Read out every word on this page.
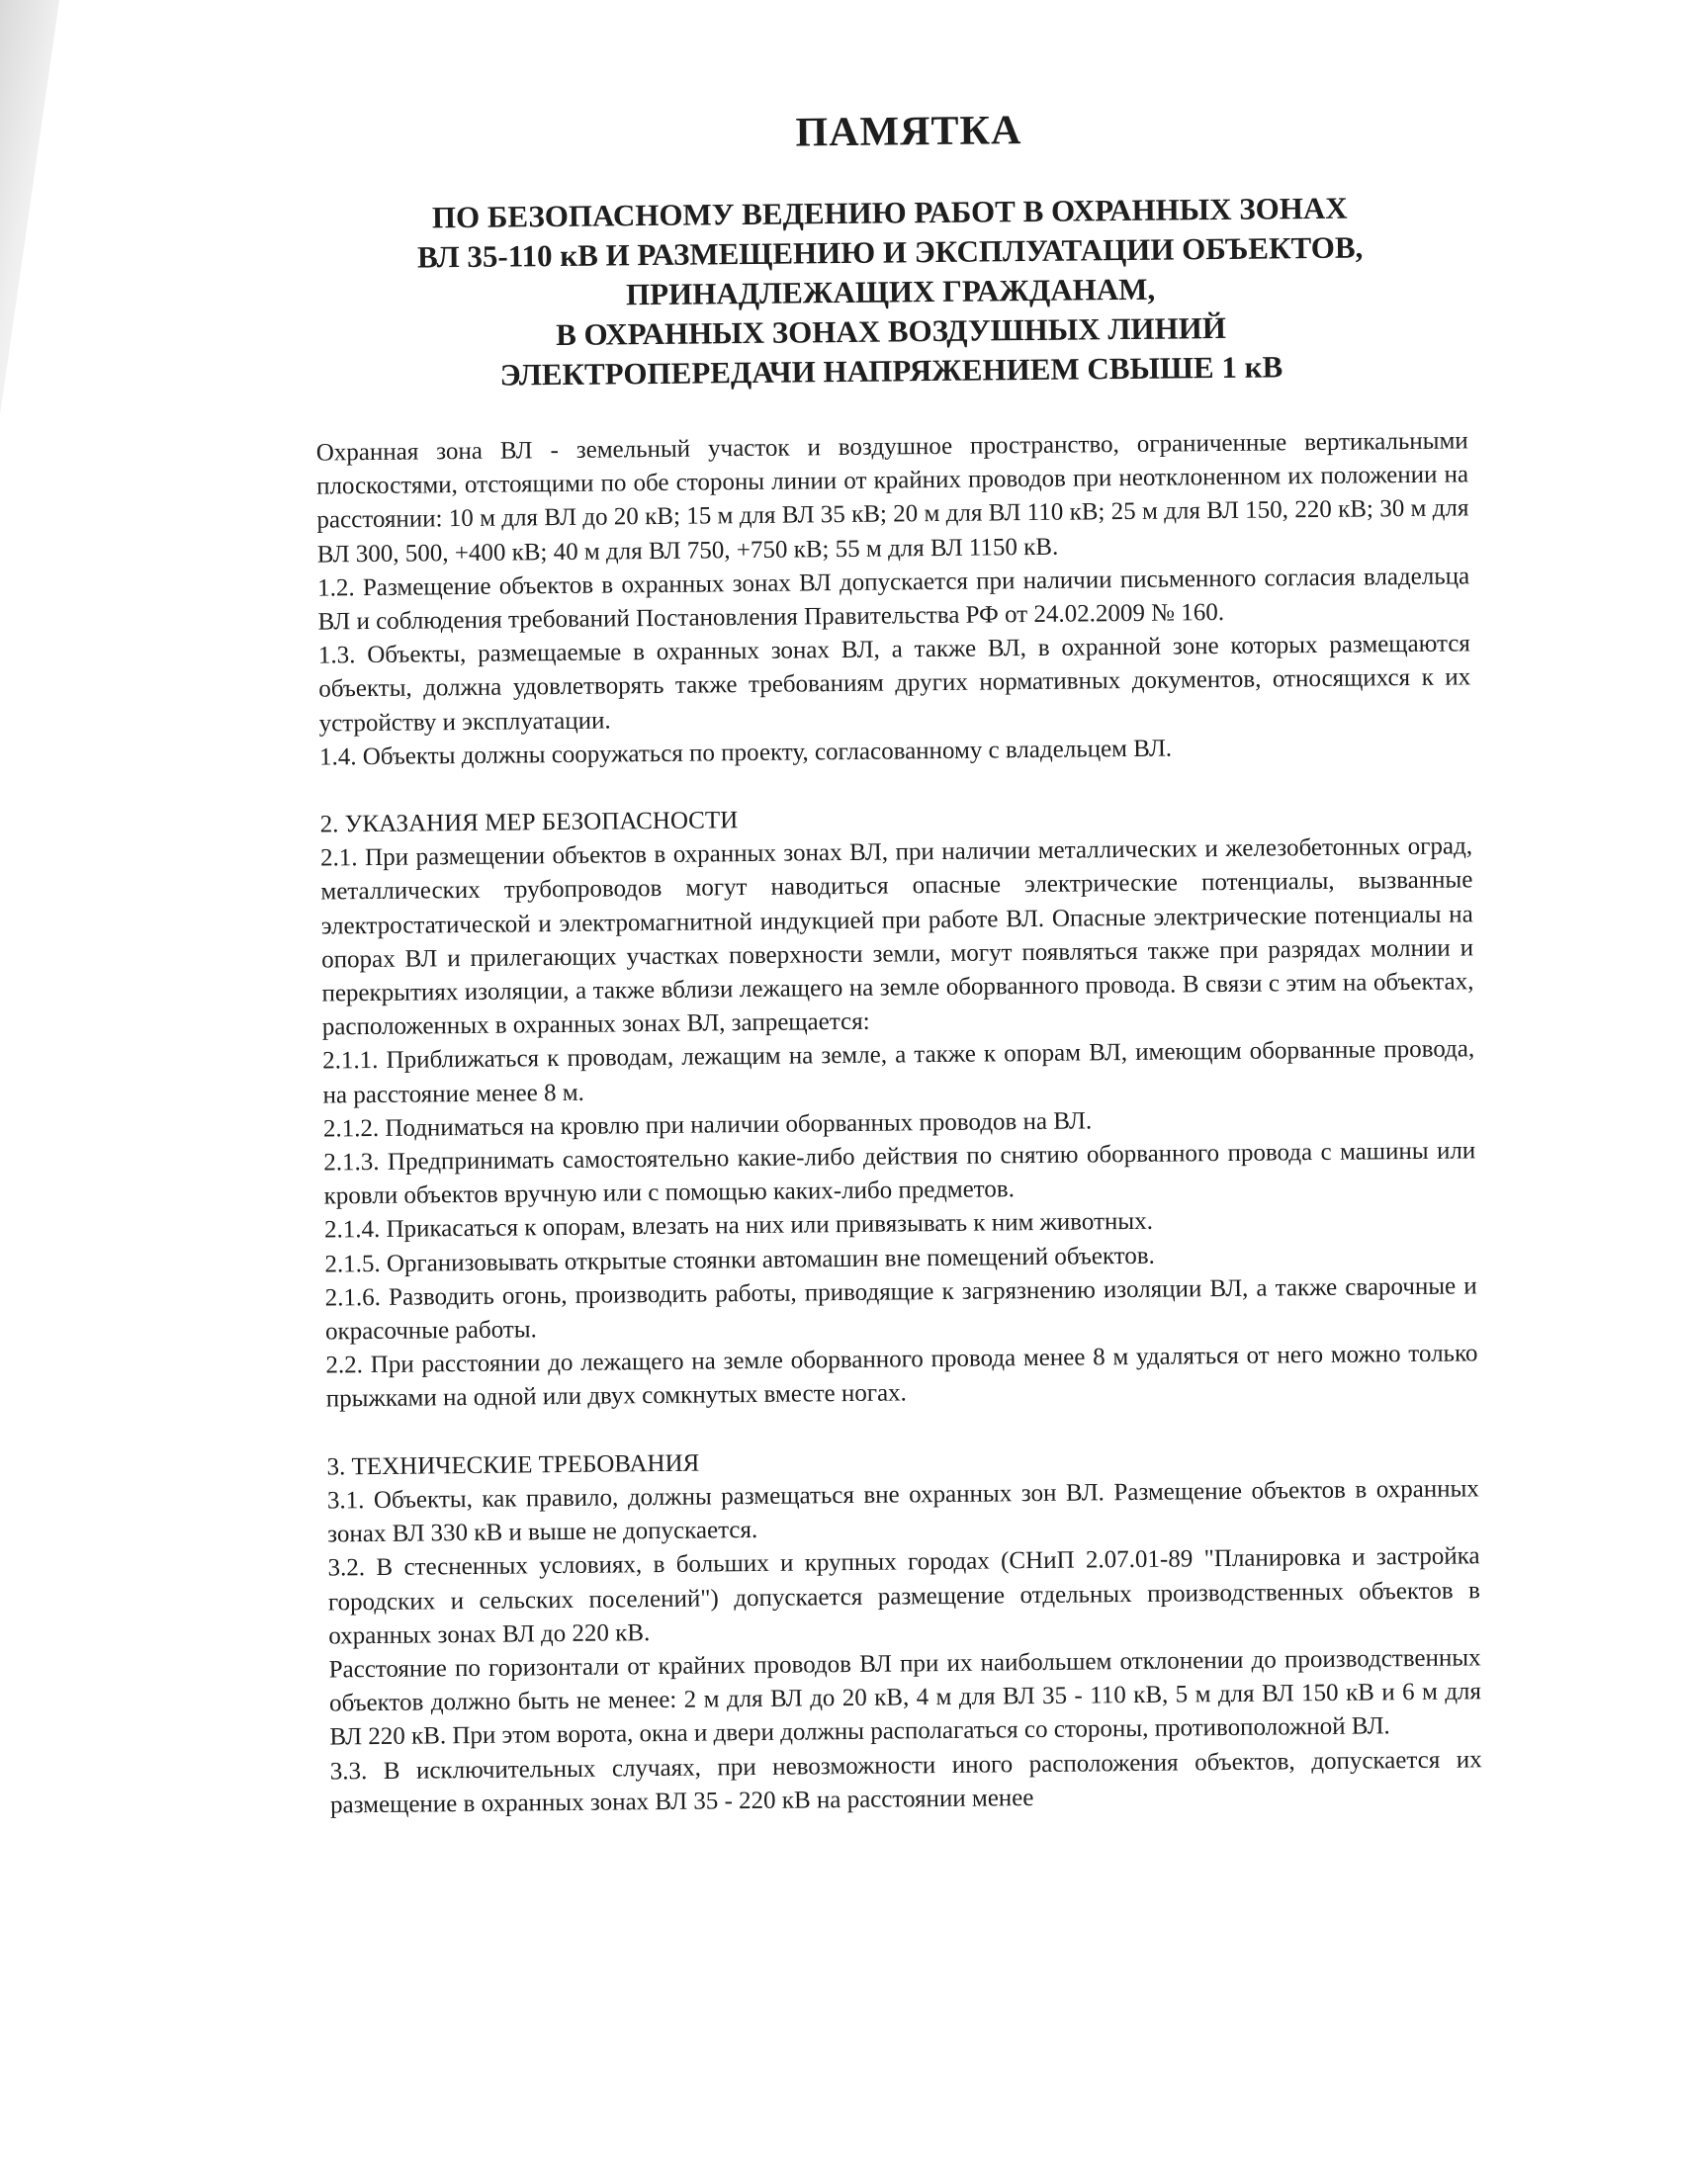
ПАМЯТКА
ПО БЕЗОПАСНОМУ ВЕДЕНИЮ РАБОТ В ОХРАННЫХ ЗОНАХ
ВЛ 35-110 кВ И РАЗМЕЩЕНИЮ И ЭКСПЛУАТАЦИИ ОБЪЕКТОВ,
ПРИНАДЛЕЖАЩИХ ГРАЖДАНАМ,
В ОХРАННЫХ ЗОНАХ ВОЗДУШНЫХ ЛИНИЙ
ЭЛЕКТРОПЕРЕДАЧИ НАПРЯЖЕНИЕМ СВЫШЕ 1 кВ

Охранная зона ВЛ - земельный участок и воздушное пространство, ограниченные вертикальными плоскостями, отстоящими по обе стороны линии от крайних проводов при неотклоненном их положении на расстоянии: 10 м для ВЛ до 20 кВ; 15 м для ВЛ 35 кВ; 20 м для ВЛ 110 кВ; 25 м для ВЛ 150, 220 кВ; 30 м для ВЛ 300, 500, +400 кВ; 40 м для ВЛ 750, +750 кВ; 55 м для ВЛ 1150 кВ.

1.2. Размещение объектов в охранных зонах ВЛ допускается при наличии письменного согласия владельца ВЛ и соблюдения требований Постановления Правительства РФ от 24.02.2009 № 160.

1.3. Объекты, размещаемые в охранных зонах ВЛ, а также ВЛ, в охранной зоне которых размещаются объекты, должна удовлетворять также требованиям других нормативных документов, относящихся к их устройству и эксплуатации.

1.4. Объекты должны сооружаться по проекту, согласованному с владельцем ВЛ.

2. УКАЗАНИЯ МЕР БЕЗОПАСНОСТИ

2.1. При размещении объектов в охранных зонах ВЛ, при наличии металлических и железобетонных оград, металлических трубопроводов могут наводиться опасные электрические потенциалы, вызванные электростатической и электромагнитной индукцией при работе ВЛ. Опасные электрические потенциалы на опорах ВЛ и прилегающих участках поверхности земли, могут появляться также при разрядах молнии и перекрытиях изоляции, а также вблизи лежащего на земле оборванного провода. В связи с этим на объектах, расположенных в охранных зонах ВЛ, запрещается:

2.1.1. Приближаться к проводам, лежащим на земле, а также к опорам ВЛ, имеющим оборванные провода, на расстояние менее 8 м.

2.1.2. Подниматься на кровлю при наличии оборванных проводов на ВЛ.

2.1.3. Предпринимать самостоятельно какие-либо действия по снятию оборванного провода с машины или кровли объектов вручную или с помощью каких-либо предметов.

2.1.4. Прикасаться к опорам, влезать на них или привязывать к ним животных.

2.1.5. Организовывать открытые стоянки автомашин вне помещений объектов.

2.1.6. Разводить огонь, производить работы, приводящие к загрязнению изоляции ВЛ, а также сварочные и окрасочные работы.

2.2. При расстоянии до лежащего на земле оборванного провода менее 8 м удаляться от него можно только прыжками на одной или двух сомкнутых вместе ногах.

3. ТЕХНИЧЕСКИЕ ТРЕБОВАНИЯ

3.1. Объекты, как правило, должны размещаться вне охранных зон ВЛ. Размещение объектов в охранных зонах ВЛ 330 кВ и выше не допускается.

3.2. В стесненных условиях, в больших и крупных городах (СНиП 2.07.01-89 "Планировка и застройка городских и сельских поселений") допускается размещение отдельных производственных объектов в охранных зонах ВЛ до 220 кВ.

Расстояние по горизонтали от крайних проводов ВЛ при их наибольшем отклонении до производственных объектов должно быть не менее: 2 м для ВЛ до 20 кВ, 4 м для ВЛ 35 - 110 кВ, 5 м для ВЛ 150 кВ и 6 м для ВЛ 220 кВ. При этом ворота, окна и двери должны располагаться со стороны, противоположной ВЛ.

3.3. В исключительных случаях, при невозможности иного расположения объектов, допускается их размещение в охранных зонах ВЛ 35 - 220 кВ на расстоянии менее
